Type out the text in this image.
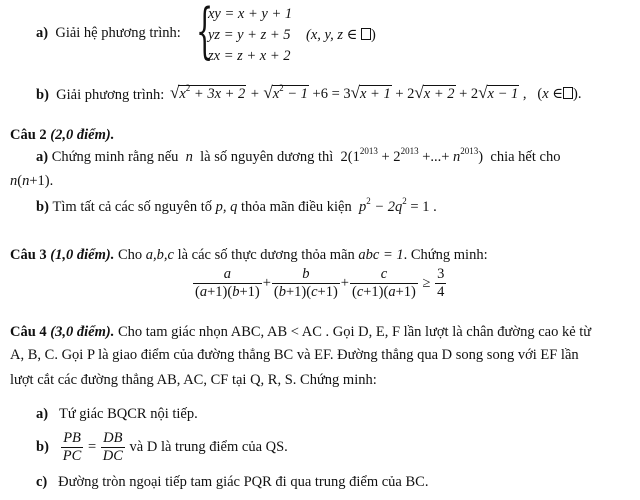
a) Giải hệ phương trình: {
xy = x + y + 1
yz = y + z + 5
zx = z + x + 2
(x, y, z ∈ )
b) Giải phương trình: $√x^2 + 3x + 2 + √x^2 - 1 +6 = 3√x + 1 + 2√x + 2 + 2√x - 1$ , (x ∈ ).
Câu 2 (2,0 điểm).
a) Chứng minh rằng nếu n là số nguyên dương thì $2(1^{2013} + 2^{2013}$ +...+ $n^{2013}$) chia hết cho
n(n+1).
b) Tìm tất cả các số nguyên tố p, q thỏa mãn điều kiện $p^2 - 2q^2 = 1$ .
Câu 3 (1,0 điểm). Cho a,b,c là các số thực dương thỏa mãn abc = 1. Chứng minh:
$\frac{a}{(a+1)(b+1)} + \frac{b}{(b+1)(c+1)} + \frac{c}{(c+1)(a+1)} \ge \frac{3}{4}$
Câu 4 (3,0 điểm). Cho tam giác nhọn ABC, AB < AC . Gọi D, E, F lần lượt là chân đường cao kẻ từ
A, B, C. Gọi P là giao điểm của đường thẳng BC và EF. Đường thẳng qua D song song với EF lần
lượt cắt các đường thẳng AB, AC, CF tại Q, R, S. Chứng minh:
a) Tứ giác BQCR nội tiếp.
$b) \frac{PB}{PC} = \frac{DB}{DC}$ và D là trung điểm của QS.
c) Đường tròn ngoại tiếp tam giác PQR đi qua trung điểm của BC.
